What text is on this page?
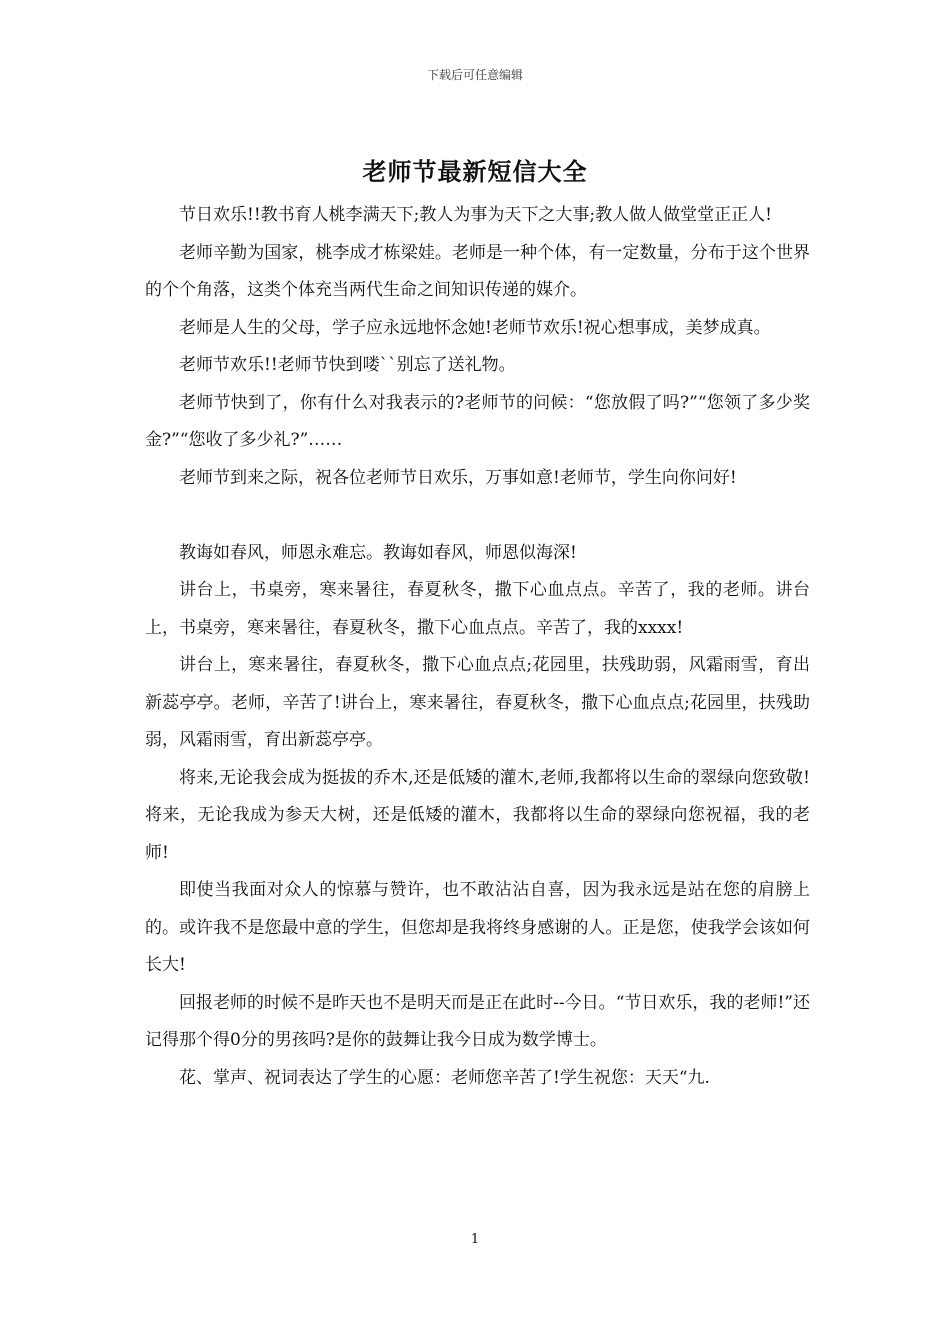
下载后可任意编辑
老师节最新短信大全

节日欢乐!!教书育人桃李满天下;教人为事为天下之大事;教人做人做堂堂正正人!

老师辛勤为国家，桃李成才栋梁娃。老师是一种个体，有一定数量，分布于这个世界的个个角落，这类个体充当两代生命之间知识传递的媒介。

老师是人生的父母，学子应永远地怀念她!老师节欢乐!祝心想事成，美梦成真。

老师节欢乐!!老师节快到喽``别忘了送礼物。

老师节快到了，你有什么对我表示的?老师节的问候：“您放假了吗?”“您领了多少奖金?”“您收了多少礼?”……

老师节到来之际，祝各位老师节日欢乐，万事如意!老师节，学生向你问好!

教诲如春风，师恩永难忘。教诲如春风，师恩似海深!

讲台上，书桌旁，寒来暑往，春夏秋冬，撒下心血点点。辛苦了，我的老师。讲台上，书桌旁，寒来暑往，春夏秋冬，撒下心血点点。辛苦了，我的xxxx!

讲台上，寒来暑往，春夏秋冬，撒下心血点点;花园里，扶残助弱，风霜雨雪，育出新蕊亭亭。老师，辛苦了!讲台上，寒来暑往，春夏秋冬，撒下心血点点;花园里，扶残助弱，风霜雨雪，育出新蕊亭亭。

将来,无论我会成为挺拔的乔木,还是低矮的灌木,老师,我都将以生命的翠绿向您致敬!将来，无论我成为参天大树，还是低矮的灌木，我都将以生命的翠绿向您祝福，我的老师!

即使当我面对众人的惊慕与赞许，也不敢沾沾自喜，因为我永远是站在您的肩膀上的。或许我不是您最中意的学生，但您却是我将终身感谢的人。正是您，使我学会该如何长大!

回报老师的时候不是昨天也不是明天而是正在此时--今日。“节日欢乐，我的老师!”还记得那个得0分的男孩吗?是你的鼓舞让我今日成为数学博士。

花、掌声、祝词表达了学生的心愿：老师您辛苦了!学生祝您：天天“九.

1
